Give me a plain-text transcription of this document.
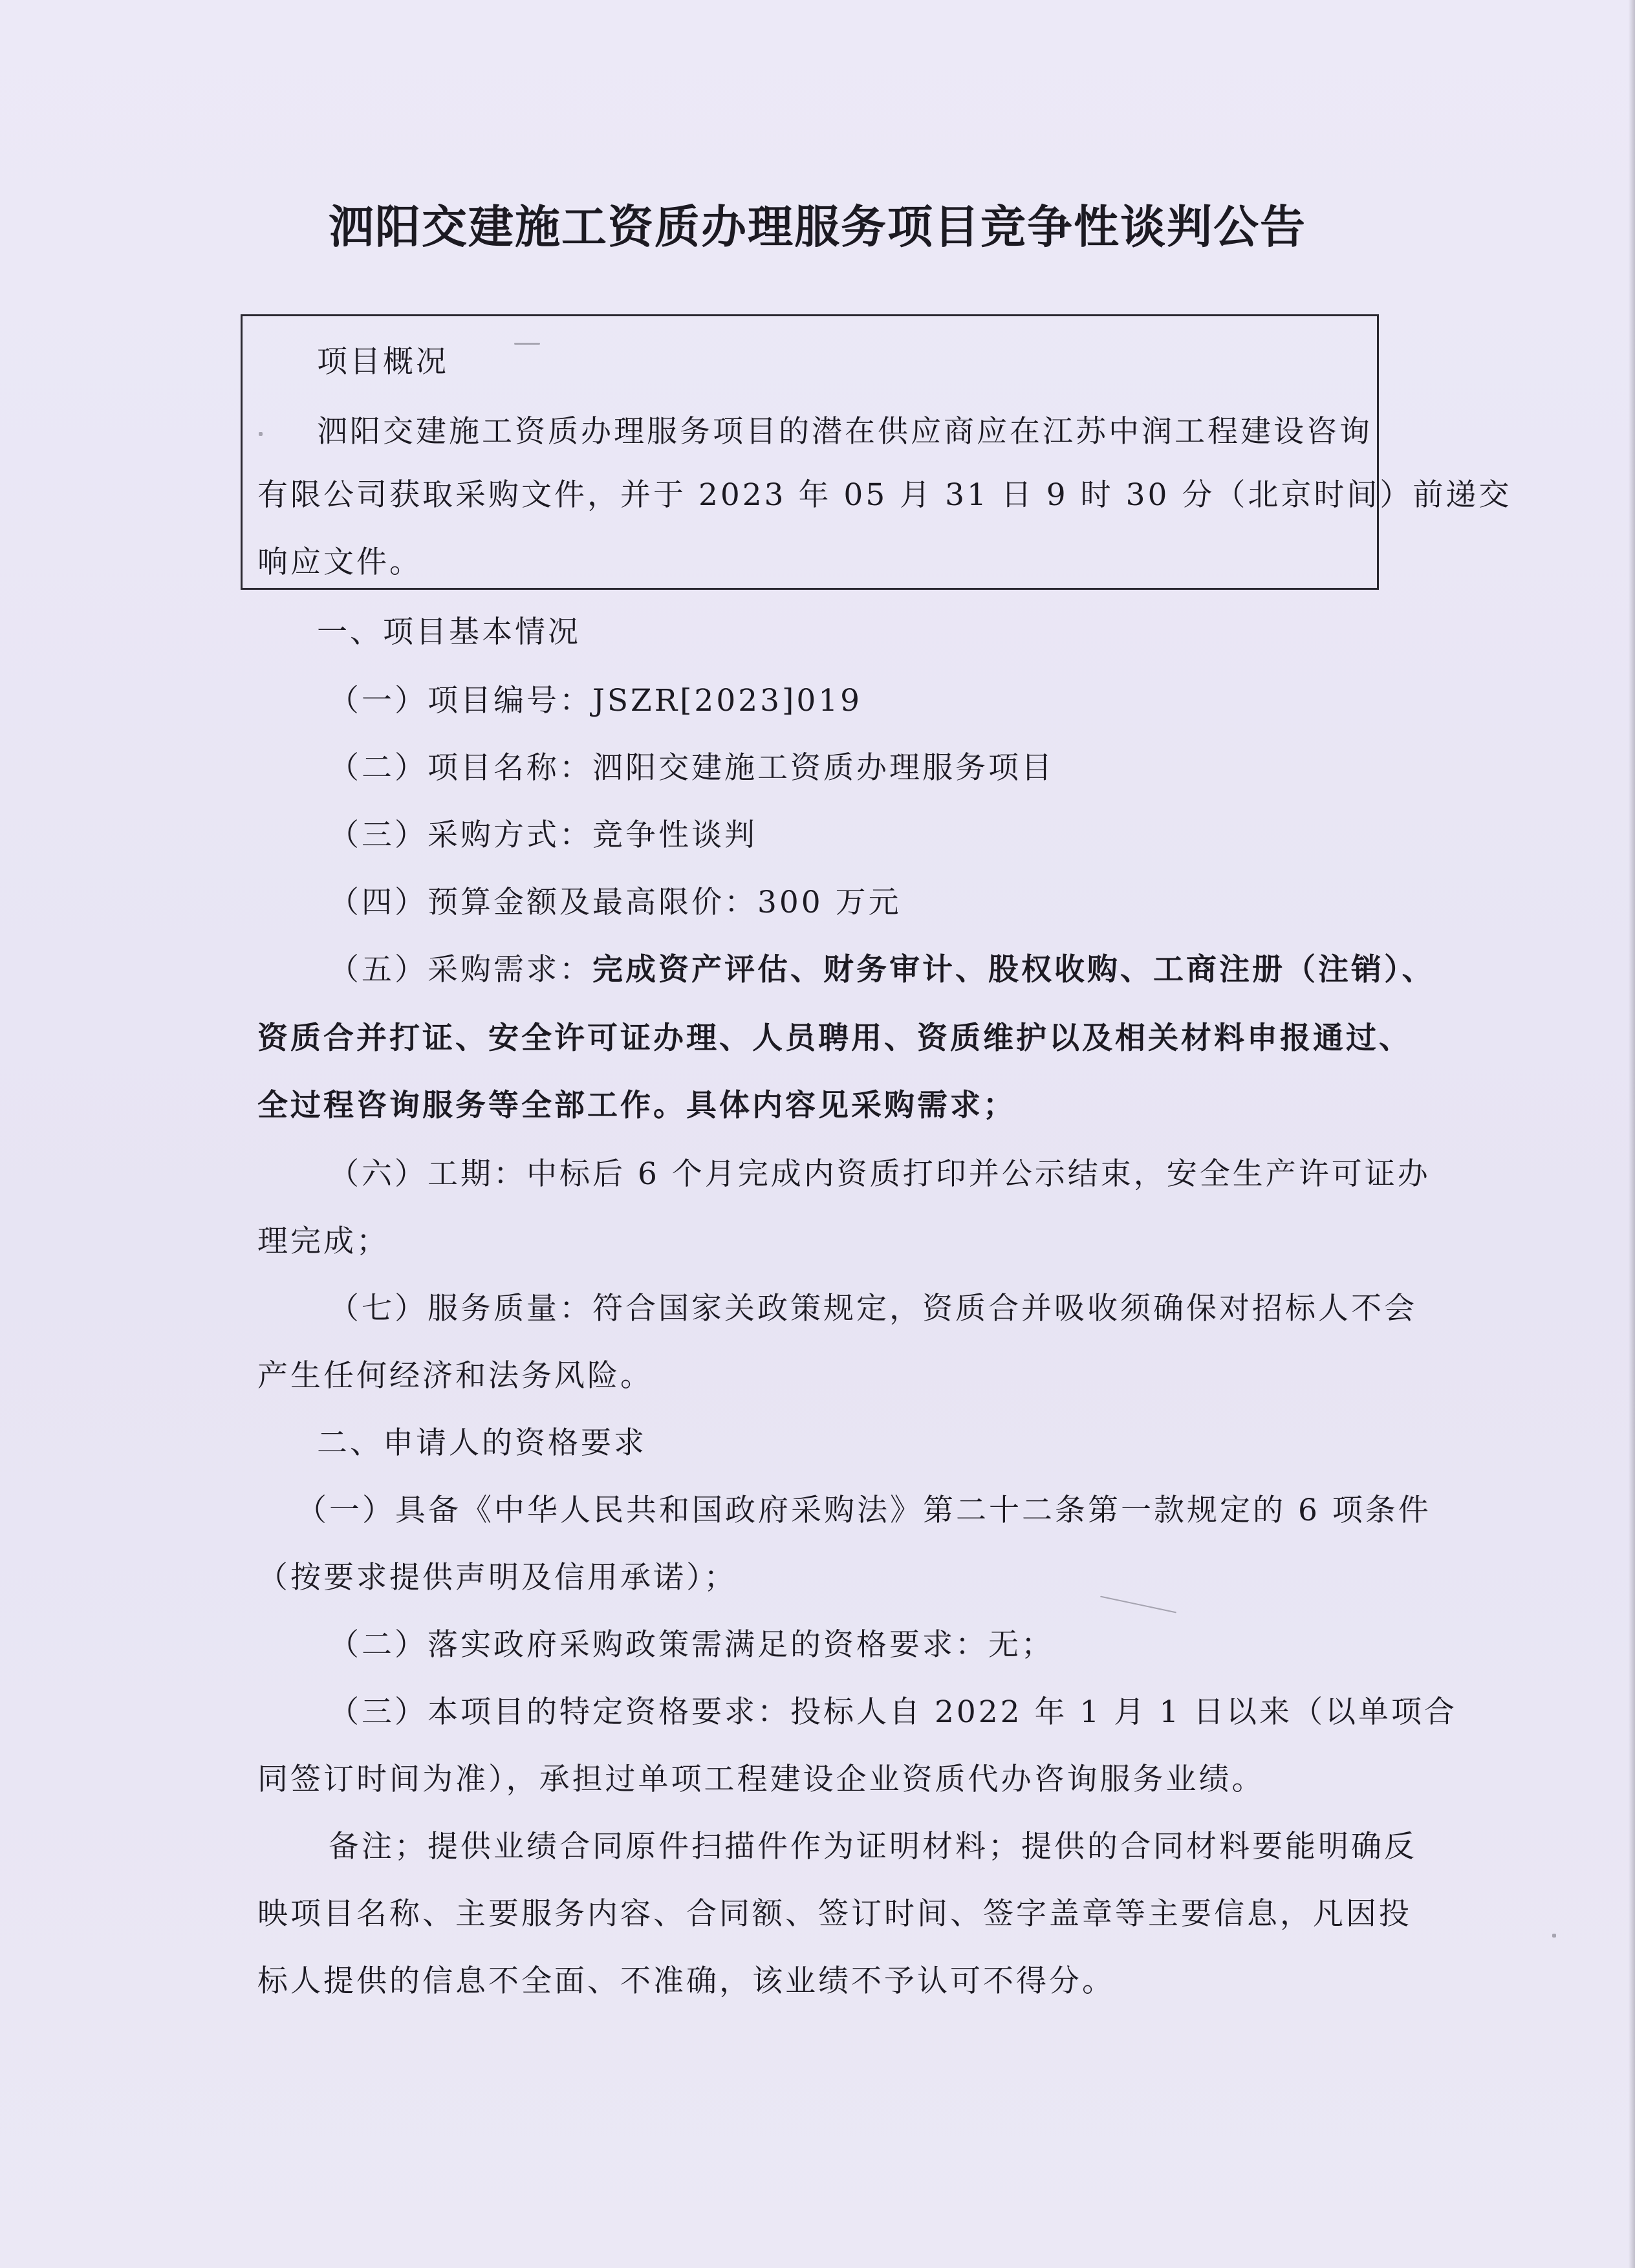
泗阳交建施工资质办理服务项目竞争性谈判公告
项目概况
泗阳交建施工资质办理服务项目的潜在供应商应在江苏中润工程建设咨询
有限公司获取采购文件，并于 2023 年 05 月 31 日 9 时 30 分（北京时间）前递交
响应文件。
一、项目基本情况
（一）项目编号：JSZR[2023]019
（二）项目名称：泗阳交建施工资质办理服务项目
（三）采购方式：竞争性谈判
（四）预算金额及最高限价：300 万元
（五）采购需求：完成资产评估、财务审计、股权收购、工商注册（注销）、
资质合并打证、安全许可证办理、人员聘用、资质维护以及相关材料申报通过、
全过程咨询服务等全部工作。具体内容见采购需求；
（六）工期：中标后 6 个月完成内资质打印并公示结束，安全生产许可证办
理完成；
（七）服务质量：符合国家关政策规定，资质合并吸收须确保对招标人不会
产生任何经济和法务风险。
二、申请人的资格要求
（一）具备《中华人民共和国政府采购法》第二十二条第一款规定的 6 项条件
（按要求提供声明及信用承诺）；
（二）落实政府采购政策需满足的资格要求：无；
（三）本项目的特定资格要求：投标人自 2022 年 1 月 1 日以来（以单项合
同签订时间为准），承担过单项工程建设企业资质代办咨询服务业绩。
备注；提供业绩合同原件扫描件作为证明材料；提供的合同材料要能明确反
映项目名称、主要服务内容、合同额、签订时间、签字盖章等主要信息，凡因投
标人提供的信息不全面、不准确，该业绩不予认可不得分。
